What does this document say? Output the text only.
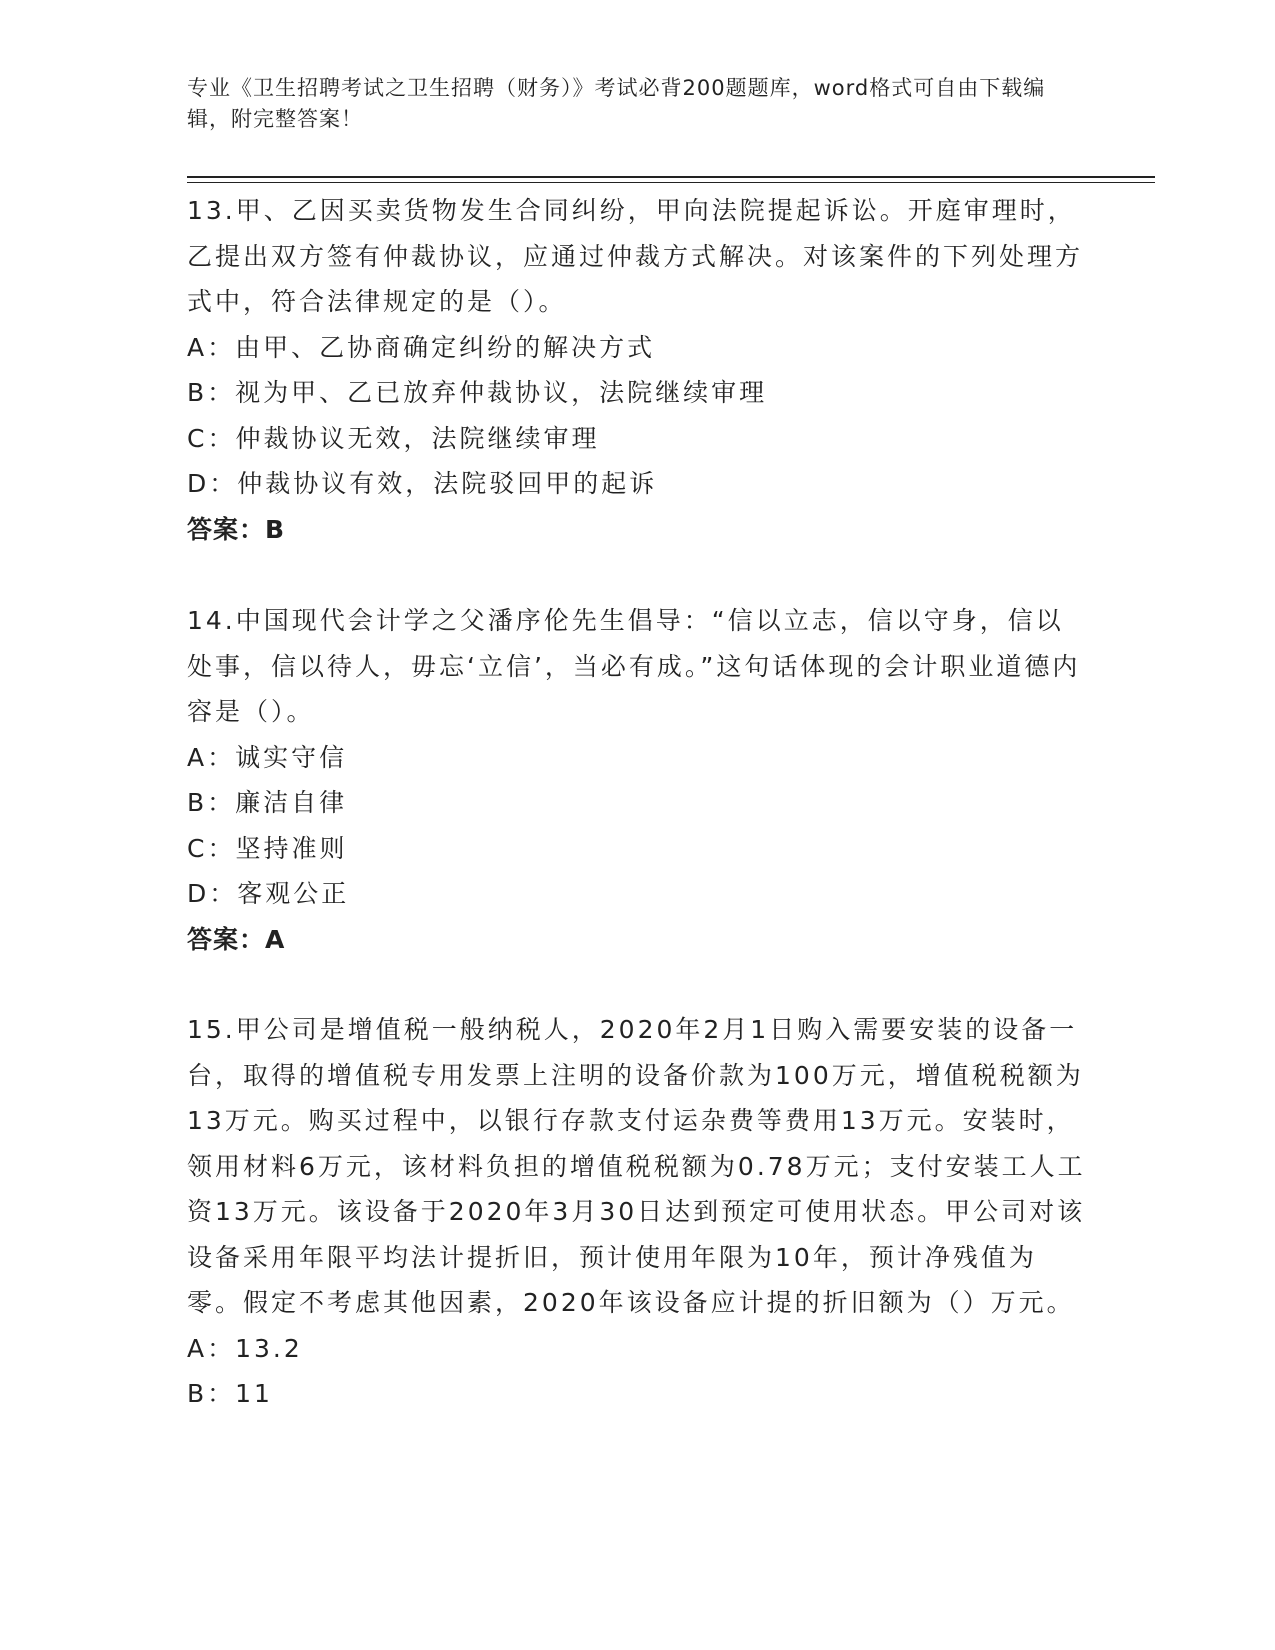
专业《卫生招聘考试之卫生招聘（财务）》考试必背200题题库，word格式可自由下载编辑，附完整答案！

13.甲、乙因买卖货物发生合同纠纷，甲向法院提起诉讼。开庭审理时，乙提出双方签有仲裁协议，应通过仲裁方式解决。对该案件的下列处理方式中，符合法律规定的是（）。

A：由甲、乙协商确定纠纷的解决方式

B：视为甲、乙已放弃仲裁协议，法院继续审理

C：仲裁协议无效，法院继续审理

D：仲裁协议有效，法院驳回甲的起诉

答案：B

14.中国现代会计学之父潘序伦先生倡导：“信以立志，信以守身，信以处事，信以待人，毋忘‘立信’，当必有成。”这句话体现的会计职业道德内容是（）。

A：诚实守信

B：廉洁自律

C：坚持准则

D：客观公正

答案：A

15.甲公司是增值税一般纳税人，2020年2月1日购入需要安装的设备一台，取得的增值税专用发票上注明的设备价款为100万元，增值税税额为13万元。购买过程中，以银行存款支付运杂费等费用13万元。安装时，领用材料6万元，该材料负担的增值税税额为0.78万元；支付安装工人工资13万元。该设备于2020年3月30日达到预定可使用状态。甲公司对该设备采用年限平均法计提折旧，预计使用年限为10年，预计净残值为零。假定不考虑其他因素，2020年该设备应计提的折旧额为（）万元。

A：13.2

B：11
